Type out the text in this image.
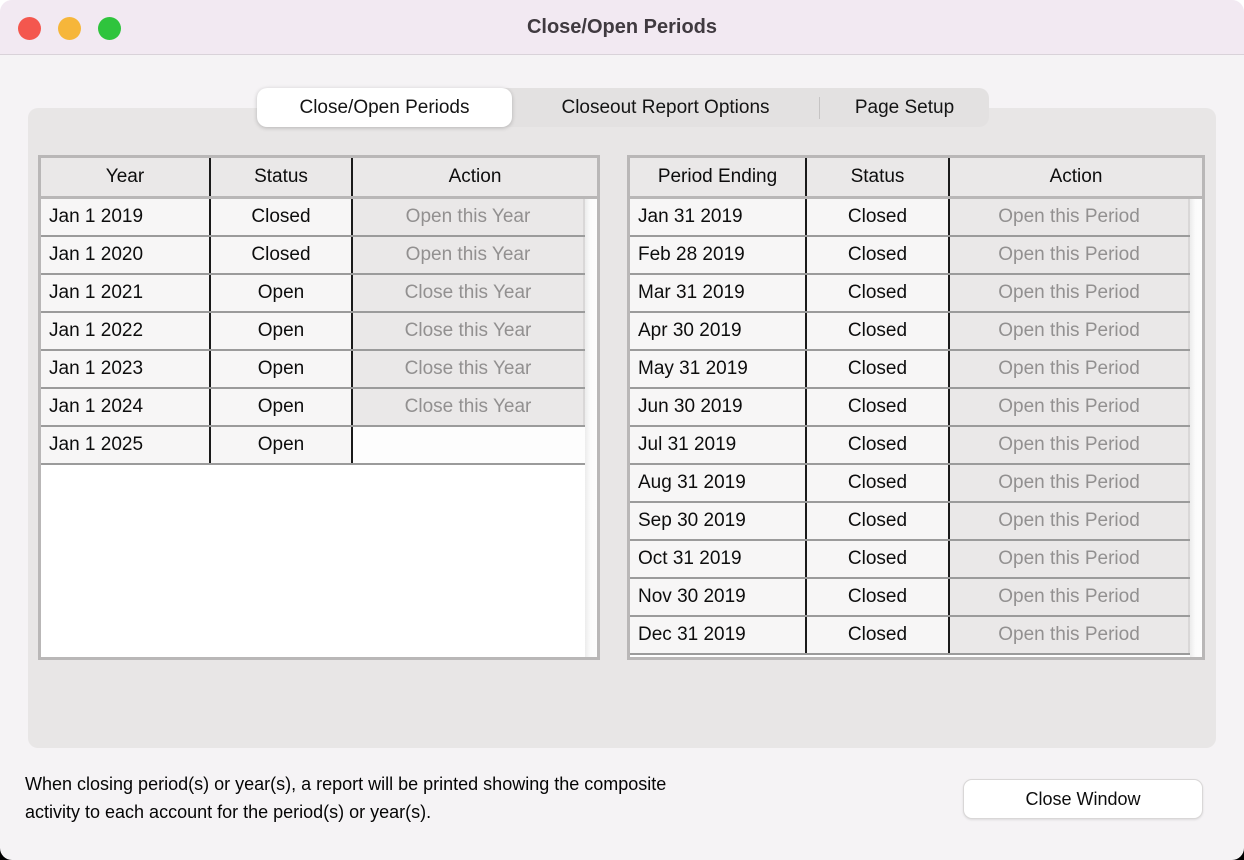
Close/Open Periods
Close/Open Periods	Closeout Report Options	Page Setup
Year	Status	Action
Jan 1 2019	Closed	Open this Year
Jan 1 2020	Closed	Open this Year
Jan 1 2021	Open	Close this Year
Jan 1 2022	Open	Close this Year
Jan 1 2023	Open	Close this Year
Jan 1 2024	Open	Close this Year
Jan 1 2025	Open
Period Ending	Status	Action
Jan 31 2019	Closed	Open this Period
Feb 28 2019	Closed	Open this Period
Mar 31 2019	Closed	Open this Period
Apr 30 2019	Closed	Open this Period
May 31 2019	Closed	Open this Period
Jun 30 2019	Closed	Open this Period
Jul 31 2019	Closed	Open this Period
Aug 31 2019	Closed	Open this Period
Sep 30 2019	Closed	Open this Period
Oct 31 2019	Closed	Open this Period
Nov 30 2019	Closed	Open this Period
Dec 31 2019	Closed	Open this Period
When closing period(s) or year(s), a report will be printed showing the composite
activity to each account for the period(s) or year(s).
Close Window
